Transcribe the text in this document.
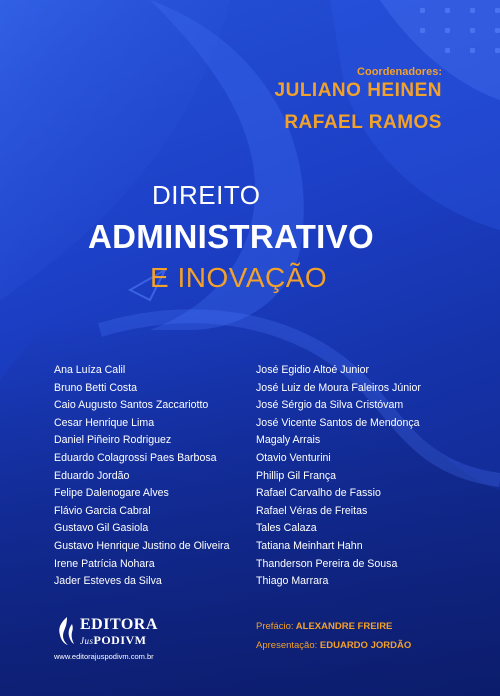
Coordenadores:
JULIANO HEINEN
RAFAEL RAMOS
DIREITO
ADMINISTRATIVO
E INOVAÇÃO
Ana Luíza Calil
Bruno Betti Costa
Caio Augusto Santos Zaccariotto
Cesar Henrique Lima
Daniel Piñeiro Rodriguez
Eduardo Colagrossi Paes Barbosa
Eduardo Jordão
Felipe Dalenogare Alves
Flávio Garcia Cabral
Gustavo Gil Gasiola
Gustavo Henrique Justino de Oliveira
Irene Patrícia Nohara
Jader Esteves da Silva
José Egidio Altoé Junior
José Luiz de Moura Faleiros Júnior
José Sérgio da Silva Cristóvam
José Vicente Santos de Mendonça
Magaly Arrais
Otavio Venturini
Phillip Gil França
Rafael Carvalho de Fassio
Rafael Véras de Freitas
Tales Calaza
Tatiana Meinhart Hahn
Thanderson Pereira de Sousa
Thiago Marrara
EDITORA
JusPODIVM
www.editorajuspodivm.com.br
Prefácio: ALEXANDRE FREIRE
Apresentação: EDUARDO JORDÃO
